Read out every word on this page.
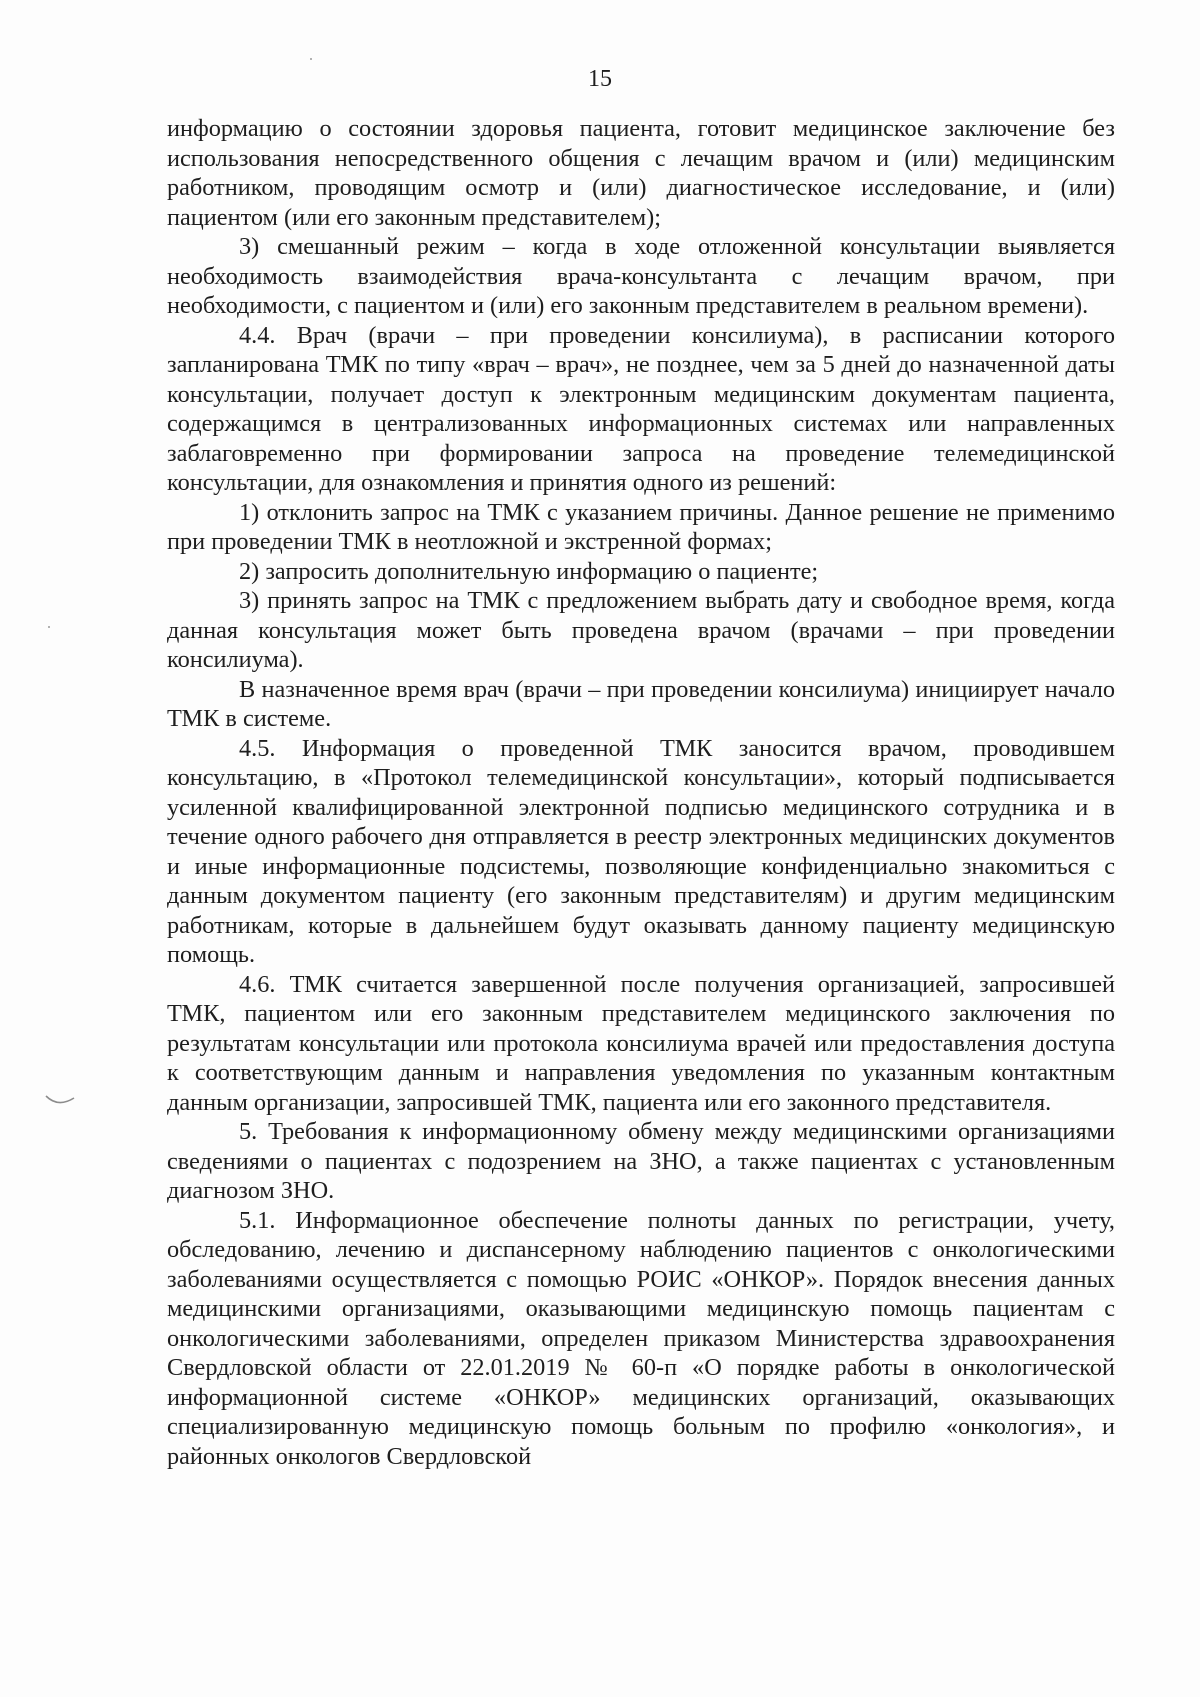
15

информацию о состоянии здоровья пациента, готовит медицинское заключение без использования непосредственного общения с лечащим врачом и (или) медицинским работником, проводящим осмотр и (или) диагностическое исследование, и (или) пациентом (или его законным представителем);

3) смешанный режим – когда в ходе отложенной консультации выявляется необходимость взаимодействия врача-консультанта с лечащим врачом, при необходимости, с пациентом и (или) его законным представителем в реальном времени).

4.4. Врач (врачи – при проведении консилиума), в расписании которого запланирована ТМК по типу «врач – врач», не позднее, чем за 5 дней до назначенной даты консультации, получает доступ к электронным медицинским документам пациента, содержащимся в централизованных информационных системах или направленных заблаговременно при формировании запроса на проведение телемедицинской консультации, для ознакомления и принятия одного из решений:

1) отклонить запрос на ТМК с указанием причины. Данное решение не применимо при проведении ТМК в неотложной и экстренной формах;

2) запросить дополнительную информацию о пациенте;

3) принять запрос на ТМК с предложением выбрать дату и свободное время, когда данная консультация может быть проведена врачом (врачами – при проведении консилиума).

В назначенное время врач (врачи – при проведении консилиума) инициирует начало ТМК в системе.

4.5. Информация о проведенной ТМК заносится врачом, проводившем консультацию, в «Протокол телемедицинской консультации», который подписывается усиленной квалифицированной электронной подписью медицинского сотрудника и в течение одного рабочего дня отправляется в реестр электронных медицинских документов и иные информационные подсистемы, позволяющие конфиденциально знакомиться с данным документом пациенту (его законным представителям) и другим медицинским работникам, которые в дальнейшем будут оказывать данному пациенту медицинскую помощь.

4.6. ТМК считается завершенной после получения организацией, запросившей ТМК, пациентом или его законным представителем медицинского заключения по результатам консультации или протокола консилиума врачей или предоставления доступа к соответствующим данным и направления уведомления по указанным контактным данным организации, запросившей ТМК, пациента или его законного представителя.

5. Требования к информационному обмену между медицинскими организациями сведениями о пациентах с подозрением на ЗНО, а также пациентах с установленным диагнозом ЗНО.

5.1. Информационное обеспечение полноты данных по регистрации, учету, обследованию, лечению и диспансерному наблюдению пациентов с онкологическими заболеваниями осуществляется с помощью РОИС «ОНКОР». Порядок внесения данных медицинскими организациями, оказывающими медицинскую помощь пациентам с онкологическими заболеваниями, определен приказом Министерства здравоохранения Свердловской области от 22.01.2019 № 60-п «О порядке работы в онкологической информационной системе «ОНКОР» медицинских организаций, оказывающих специализированную медицинскую помощь больным по профилю «онкология», и районных онкологов Свердловской
